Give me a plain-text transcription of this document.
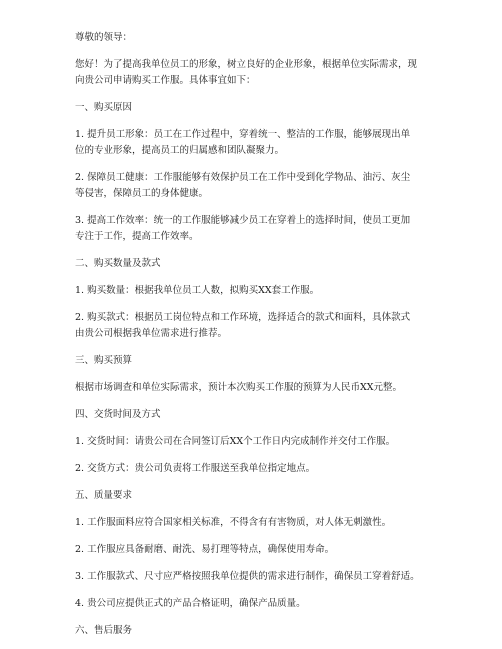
尊敬的领导：

您好！为了提高我单位员工的形象，树立良好的企业形象，根据单位实际需求，现

向贵公司申请购买工作服。具体事宜如下：

一、购买原因

1. 提升员工形象：员工在工作过程中，穿着统一、整洁的工作服，能够展现出单

位的专业形象，提高员工的归属感和团队凝聚力。

2. 保障员工健康：工作服能够有效保护员工在工作中受到化学物品、油污、灰尘

等侵害，保障员工的身体健康。

3. 提高工作效率：统一的工作服能够减少员工在穿着上的选择时间，使员工更加

专注于工作，提高工作效率。

二、购买数量及款式

1. 购买数量：根据我单位员工人数，拟购买XX套工作服。

2. 购买款式：根据员工岗位特点和工作环境，选择适合的款式和面料，具体款式

由贵公司根据我单位需求进行推荐。

三、购买预算

根据市场调查和单位实际需求，预计本次购买工作服的预算为人民币XX元整。

四、交货时间及方式

1. 交货时间：请贵公司在合同签订后XX个工作日内完成制作并交付工作服。

2. 交货方式：贵公司负责将工作服送至我单位指定地点。

五、质量要求

1. 工作服面料应符合国家相关标准，不得含有有害物质，对人体无刺激性。

2. 工作服应具备耐磨、耐洗、易打理等特点，确保使用寿命。

3. 工作服款式、尺寸应严格按照我单位提供的需求进行制作，确保员工穿着舒适。

4. 贵公司应提供正式的产品合格证明，确保产品质量。

六、售后服务
